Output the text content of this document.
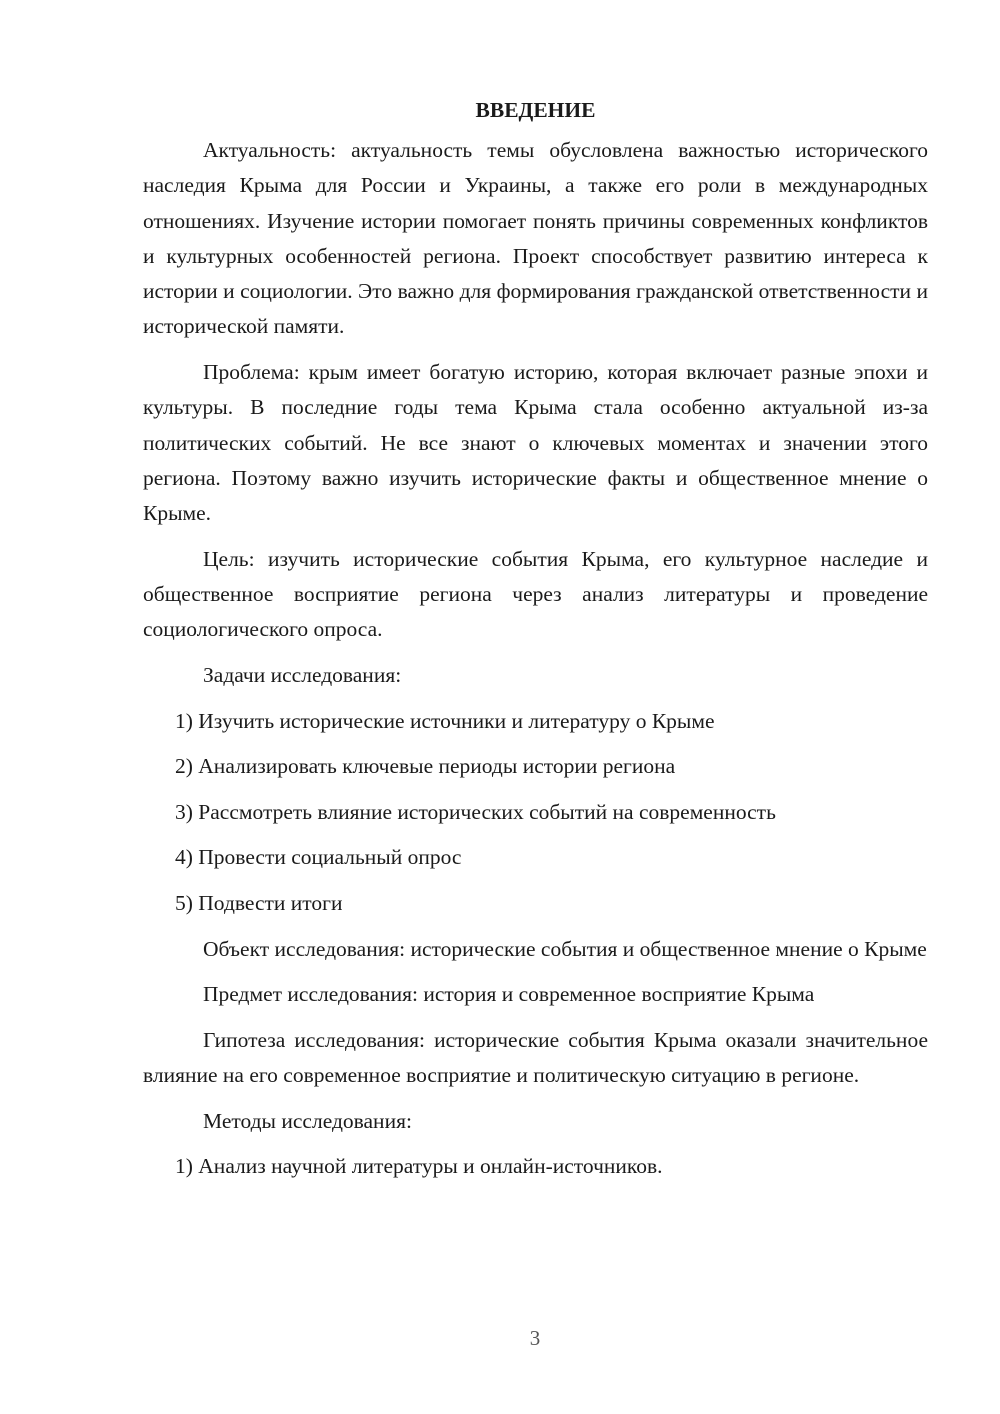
ВВЕДЕНИЕ

Актуальность: актуальность темы обусловлена важностью исторического наследия Крыма для России и Украины, а также его роли в международных отношениях. Изучение истории помогает понять причины современных конфликтов и культурных особенностей региона. Проект способствует развитию интереса к истории и социологии. Это важно для формирования гражданской ответственности и исторической памяти.

Проблема: крым имеет богатую историю, которая включает разные эпохи и культуры. В последние годы тема Крыма стала особенно актуальной из-за политических событий. Не все знают о ключевых моментах и значении этого региона. Поэтому важно изучить исторические факты и общественное мнение о Крыме.

Цель: изучить исторические события Крыма, его культурное наследие и общественное восприятие региона через анализ литературы и проведение социологического опроса.

Задачи исследования:

1) Изучить исторические источники и литературу о Крыме

2) Анализировать ключевые периоды истории региона

3) Рассмотреть влияние исторических событий на современность

4) Провести социальный опрос

5) Подвести итоги

Объект исследования: исторические события и общественное мнение о Крыме

Предмет исследования: история и современное восприятие Крыма

Гипотеза исследования: исторические события Крыма оказали значительное влияние на его современное восприятие и политическую ситуацию в регионе.

Методы исследования:

1) Анализ научной литературы и онлайн-источников.

3
